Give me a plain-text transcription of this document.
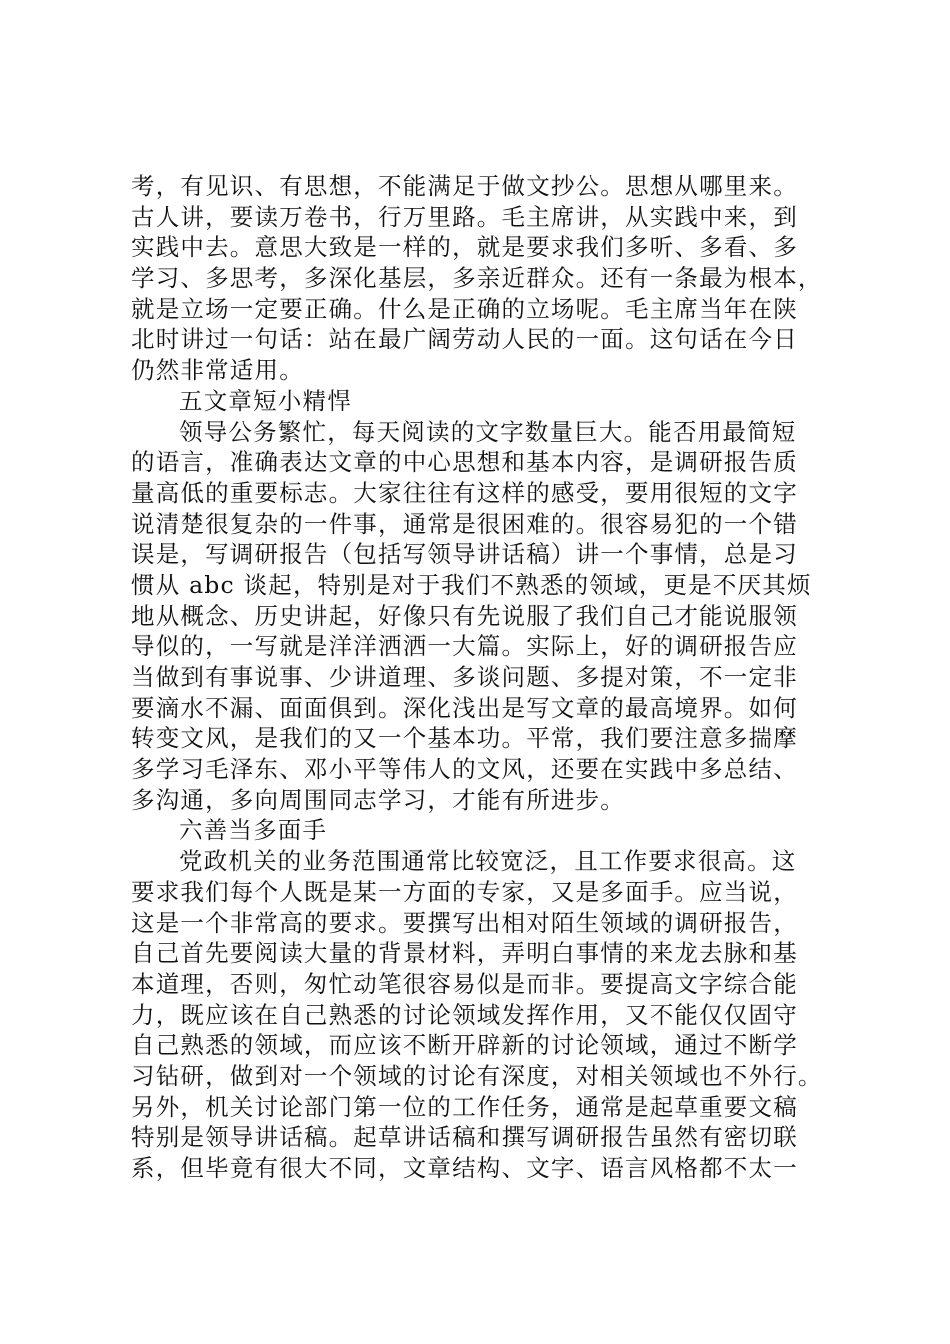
考，有见识、有思想，不能满足于做文抄公。思想从哪里来。
古人讲，要读万卷书，行万里路。毛主席讲，从实践中来，到
实践中去。意思大致是一样的，就是要求我们多听、多看、多
学习、多思考，多深化基层，多亲近群众。还有一条最为根本，
就是立场一定要正确。什么是正确的立场呢。毛主席当年在陕
北时讲过一句话：站在最广阔劳动人民的一面。这句话在今日
仍然非常适用。
五文章短小精悍
领导公务繁忙，每天阅读的文字数量巨大。能否用最简短
的语言，准确表达文章的中心思想和基本内容，是调研报告质
量高低的重要标志。大家往往有这样的感受，要用很短的文字
说清楚很复杂的一件事，通常是很困难的。很容易犯的一个错
误是，写调研报告（包括写领导讲话稿）讲一个事情，总是习
惯从 abc 谈起，特别是对于我们不熟悉的领域，更是不厌其烦
地从概念、历史讲起，好像只有先说服了我们自己才能说服领
导似的，一写就是洋洋洒洒一大篇。实际上，好的调研报告应
当做到有事说事、少讲道理、多谈问题、多提对策，不一定非
要滴水不漏、面面俱到。深化浅出是写文章的最高境界。如何
转变文风，是我们的又一个基本功。平常，我们要注意多揣摩
多学习毛泽东、邓小平等伟人的文风，还要在实践中多总结、
多沟通，多向周围同志学习，才能有所进步。
六善当多面手
党政机关的业务范围通常比较宽泛，且工作要求很高。这
要求我们每个人既是某一方面的专家，又是多面手。应当说，
这是一个非常高的要求。要撰写出相对陌生领域的调研报告，
自己首先要阅读大量的背景材料，弄明白事情的来龙去脉和基
本道理，否则，匆忙动笔很容易似是而非。要提高文字综合能
力，既应该在自己熟悉的讨论领域发挥作用，又不能仅仅固守
自己熟悉的领域，而应该不断开辟新的讨论领域，通过不断学
习钻研，做到对一个领域的讨论有深度，对相关领域也不外行。
另外，机关讨论部门第一位的工作任务，通常是起草重要文稿
特别是领导讲话稿。起草讲话稿和撰写调研报告虽然有密切联
系，但毕竟有很大不同，文章结构、文字、语言风格都不太一
